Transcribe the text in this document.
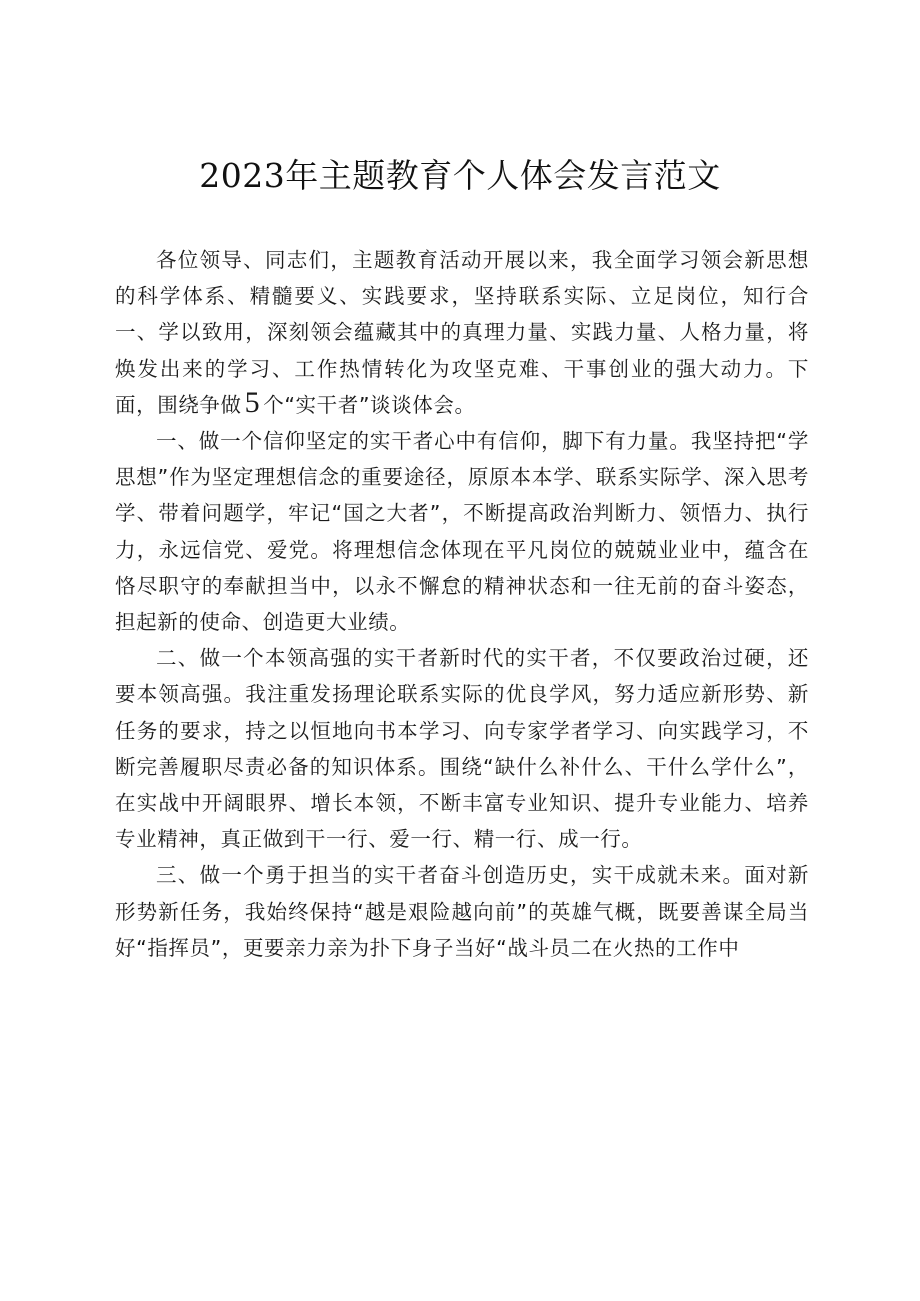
2023年主题教育个人体会发言范文

各位领导、同志们，主题教育活动开展以来，我全面学习领会新思想的科学体系、精髓要义、实践要求，坚持联系实际、立足岗位，知行合一、学以致用，深刻领会蕴藏其中的真理力量、实践力量、人格力量，将焕发出来的学习、工作热情转化为攻坚克难、干事创业的强大动力。下面，围绕争做 5 个“实干者”谈谈体会。

一、做一个信仰坚定的实干者心中有信仰，脚下有力量。我坚持把“学思想”作为坚定理想信念的重要途径，原原本本学、联系实际学、深入思考学、带着问题学，牢记“国之大者”，不断提高政治判断力、领悟力、执行力，永远信党、爱党。将理想信念体现在平凡岗位的兢兢业业中，蕴含在恪尽职守的奉献担当中，以永不懈怠的精神状态和一往无前的奋斗姿态，担起新的使命、创造更大业绩。

二、做一个本领高强的实干者新时代的实干者，不仅要政治过硬，还要本领高强。我注重发扬理论联系实际的优良学风，努力适应新形势、新任务的要求，持之以恒地向书本学习、向专家学者学习、向实践学习，不断完善履职尽责必备的知识体系。围绕“缺什么补什么、干什么学什么”，在实战中开阔眼界、增长本领，不断丰富专业知识、提升专业能力、培养专业精神，真正做到干一行、爱一行、精一行、成一行。

三、做一个勇于担当的实干者奋斗创造历史，实干成就未来。面对新形势新任务，我始终保持“越是艰险越向前”的英雄气概，既要善谋全局当好“指挥员”，更要亲力亲为扑下身子当好“战斗员二在火热的工作中
